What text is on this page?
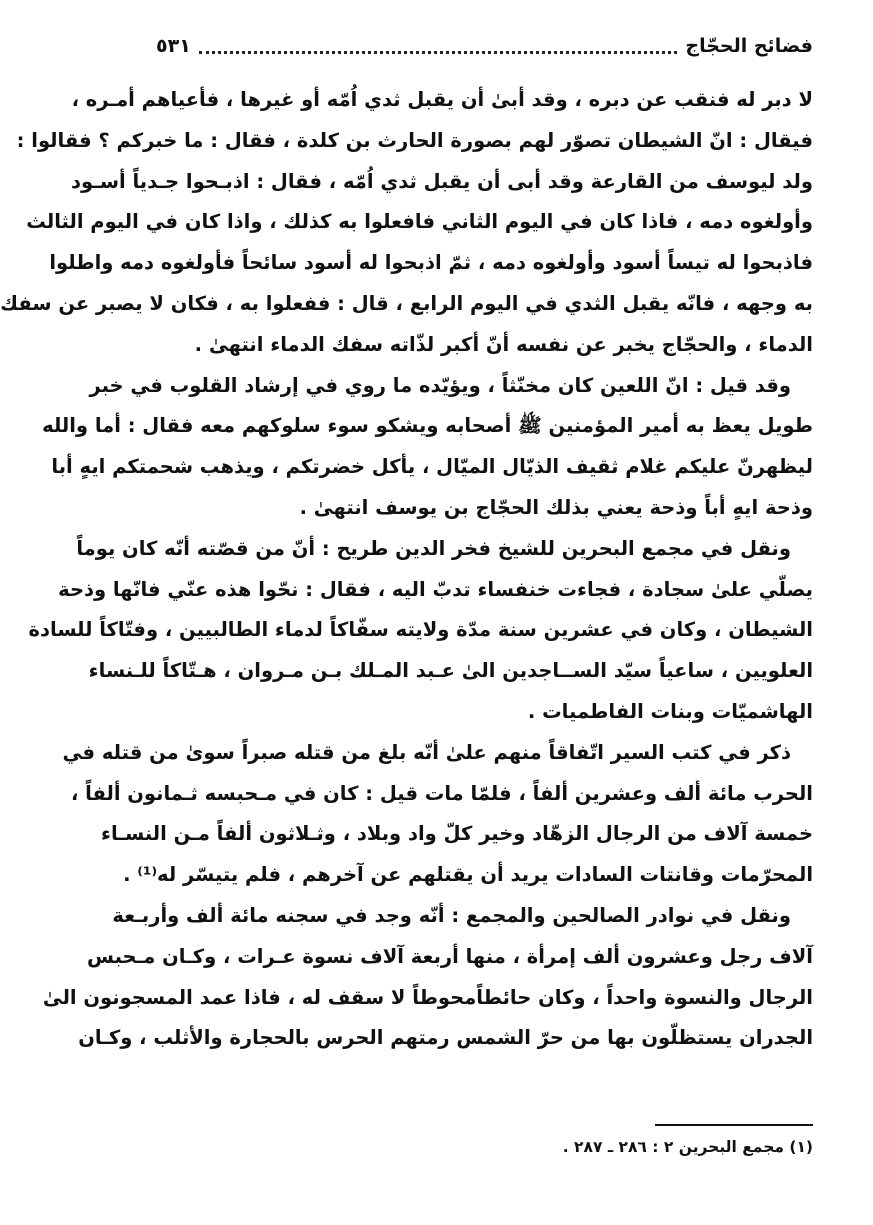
فضائح الحجّاج
٥٣١
لا دبر له فنقب عن دبره ، وقد أبىٰ أن يقبل ثدي اُمّه أو غيرها ، فأعياهم أمـره ،
فيقال : انّ الشيطان تصوّر لهم بصورة الحارث بن كلدة ، فقال : ما خبركم ؟ فقالوا :
ولد ليوسف من القارعة وقد أبى أن يقبل ثدي اُمّه ، فقال : اذبـحوا جـدياً أسـود
وأولغوه دمه ، فاذا كان في اليوم الثاني فافعلوا به كذلك ، واذا كان في اليوم الثالث
فاذبحوا له تيساً أسود وأولغوه دمه ، ثمّ اذبحوا له أسود سائحاً فأولغوه دمه واطلوا
به وجهه ، فانّه يقبل الثدي في اليوم الرابع ، قال : ففعلوا به ، فكان لا يصبر عن سفك
الدماء ، والحجّاج يخبر عن نفسه أنّ أكبر لذّاته سفك الدماء انتهىٰ .
وقد قيل : انّ اللعين كان مخنّثاً ، ويؤيّده ما روي في إرشاد القلوب في خبر
طويل يعظ به أمير المؤمنين ﷺ أصحابه ويشكو سوء سلوكهم معه فقال : أما والله
ليظهرنّ عليكم غلام ثقيف الذيّال الميّال ، يأكل خضرتكم ، ويذهب شحمتكم ايهٍ أبا
وذحة ايهٍ أباً وذحة يعني بذلك الحجّاج بن يوسف انتهىٰ .
ونقل في مجمع البحرين للشيخ فخر الدين طريح : أنّ من قصّته أنّه كان يوماً
يصلّي علىٰ سجادة ، فجاءت خنفساء تدبّ اليه ، فقال : نحّوا هذه عنّي فانّها وذحة
الشيطان ، وكان في عشرين سنة مدّة ولايته سفّاكاً لدماء الطالبيين ، وفتّاكاً للسادة
العلويين ، ساعياً سيّد الســاجدين الىٰ عـبد المـلك بـن مـروان ، هـتّاكاً للـنساء
الهاشميّات وبنات الفاطميات .
ذكر في كتب السير اتّفاقاً منهم علىٰ أنّه بلغ من قتله صبراً سوىٰ من قتله في
الحرب مائة ألف وعشرين ألفاً ، فلمّا مات قيل : كان في مـحبسه ثـمانون ألفاً ،
خمسة آلاف من الرجال الزهّاد وخير كلّ واد وبلاد ، وثـلاثون ألفاً مـن النسـاء
المحرّمات وقانتات السادات يريد أن يقتلهم عن آخرهم ، فلم يتيسّر له⁽¹⁾ .
ونقل في نوادر الصالحين والمجمع : أنّه وجد في سجنه مائة ألف وأربـعة
آلاف رجل وعشرون ألف إمرأة ، منها أربعة آلاف نسوة عـرات ، وكـان مـحبس
الرجال والنسوة واحداً ، وكان حائطاًمحوطاً لا سقف له ، فاذا عمد المسجونون الىٰ
الجدران يستظلّون بها من حرّ الشمس رمتهم الحرس بالحجارة والأثلب ، وكـان
(١) مجمع البحرين ٢ : ٢٨٦ ـ ٢٨٧ .
